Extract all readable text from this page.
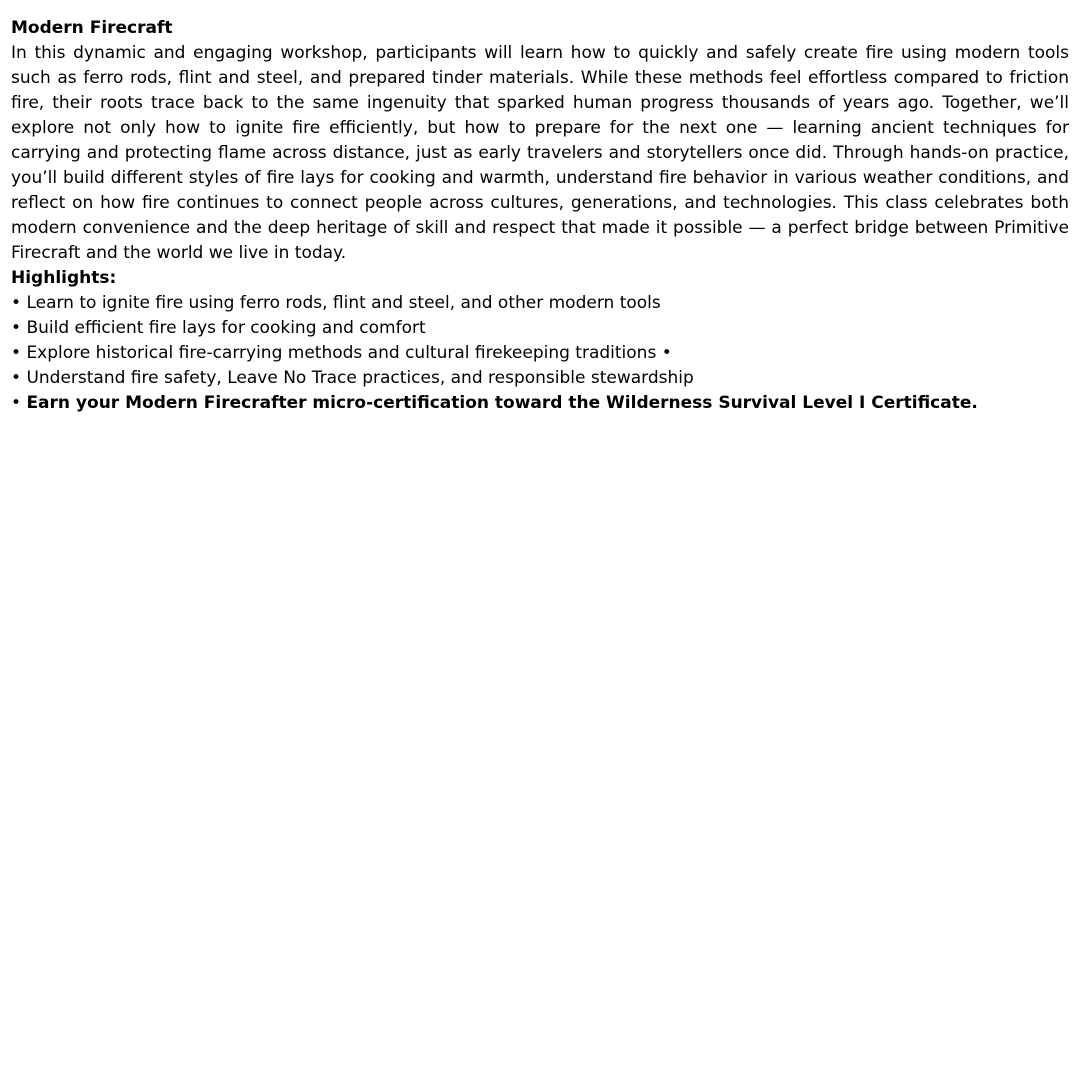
Modern Firecraft

In this dynamic and engaging workshop, participants will learn how to quickly and safely create fire using modern tools such as ferro rods, flint and steel, and prepared tinder materials. While these methods feel effortless compared to friction fire, their roots trace back to the same ingenuity that sparked human progress thousands of years ago. Together, we’ll explore not only how to ignite fire efficiently, but how to prepare for the next one — learning ancient techniques for carrying and protecting flame across distance, just as early travelers and storytellers once did. Through hands-on practice, you’ll build different styles of fire lays for cooking and warmth, understand fire behavior in various weather conditions, and reflect on how fire continues to connect people across cultures, generations, and technologies. This class celebrates both modern convenience and the deep heritage of skill and respect that made it possible — a perfect bridge between Primitive Firecraft and the world we live in today.

Highlights:
• Learn to ignite fire using ferro rods, flint and steel, and other modern tools
• Build efficient fire lays for cooking and comfort
• Explore historical fire-carrying methods and cultural firekeeping traditions •
• Understand fire safety, Leave No Trace practices, and responsible stewardship
• Earn your Modern Firecrafter micro-certification toward the Wilderness Survival Level I Certificate.
